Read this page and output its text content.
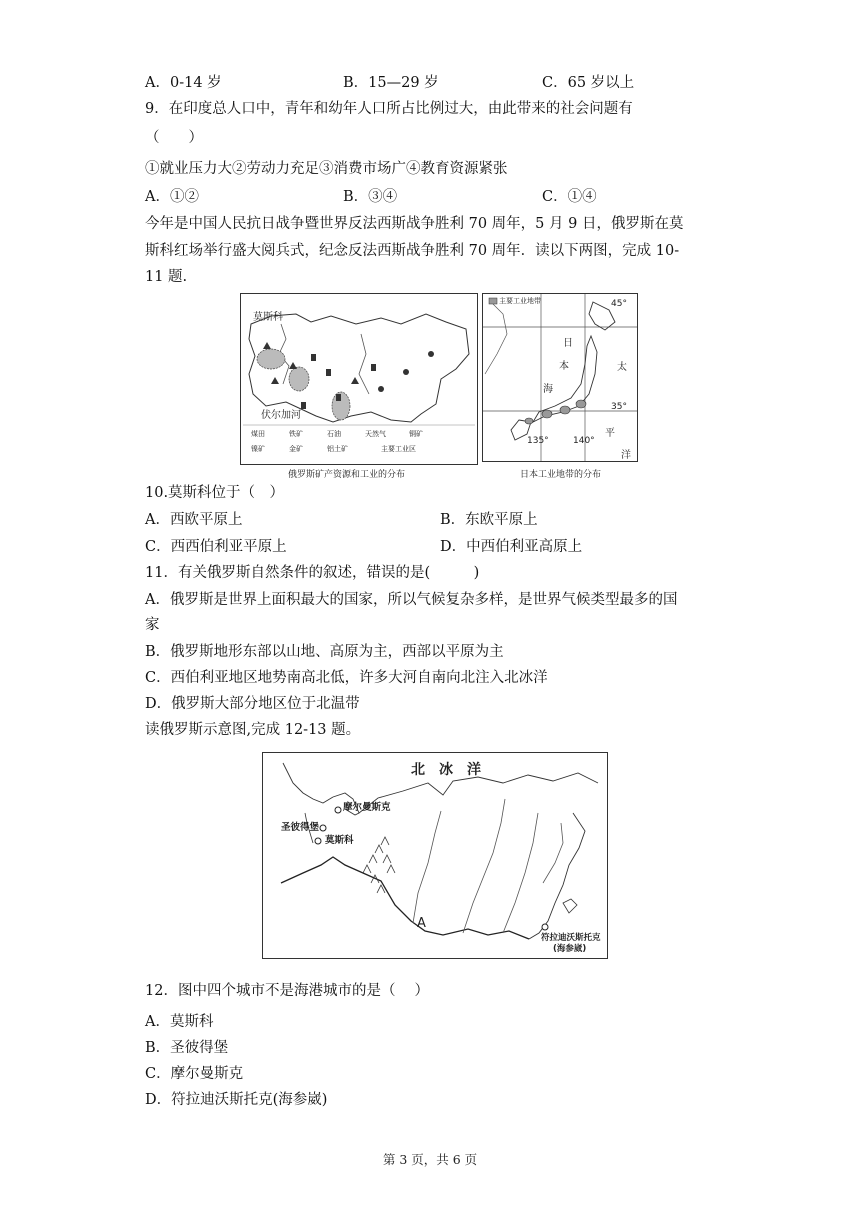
A．0-14 岁	B．15—29 岁	C．65 岁以上
9．在印度总人口中，青年和幼年人口所占比例过大，由此带来的社会问题有
（　　）
①就业压力大②劳动力充足③消费市场广④教育资源紧张
A．①②	B．③④	C．①④
今年是中国人民抗日战争暨世界反法西斯战争胜利 70 周年，5 月 9 日，俄罗斯在莫
斯科红场举行盛大阅兵式，纪念反法西斯战争胜利 70 周年．读以下两图，完成 10-
11 题.
莫斯科
伏尔加河
煤田	铁矿	石油	天然气	铜矿
镍矿	金矿	铝土矿	主要工业区
俄罗斯矿产资源和工业的分布
主要工业地带	45°
日
本
海
太
平
洋
35°
135°	140°
日本工业地带的分布
10.莫斯科位于（　）
A．西欧平原上	B．东欧平原上
C．西西伯利亚平原上	D．中西伯利亚高原上
11．有关俄罗斯自然条件的叙述，错误的是(　　　)
A．俄罗斯是世界上面积最大的国家，所以气候复杂多样，是世界气候类型最多的国
家
B．俄罗斯地形东部以山地、高原为主，西部以平原为主
C．西伯利亚地区地势南高北低，许多大河自南向北注入北冰洋
D．俄罗斯大部分地区位于北温带
读俄罗斯示意图,完成 12-13 题。
北　冰　洋
摩尔曼斯克
圣彼得堡
莫斯科
A
符拉迪沃斯托克
(海参崴)
12．图中四个城市不是海港城市的是（　 ）
A．莫斯科
B．圣彼得堡
C．摩尔曼斯克
D．符拉迪沃斯托克(海参崴)
第 3 页，共 6 页
